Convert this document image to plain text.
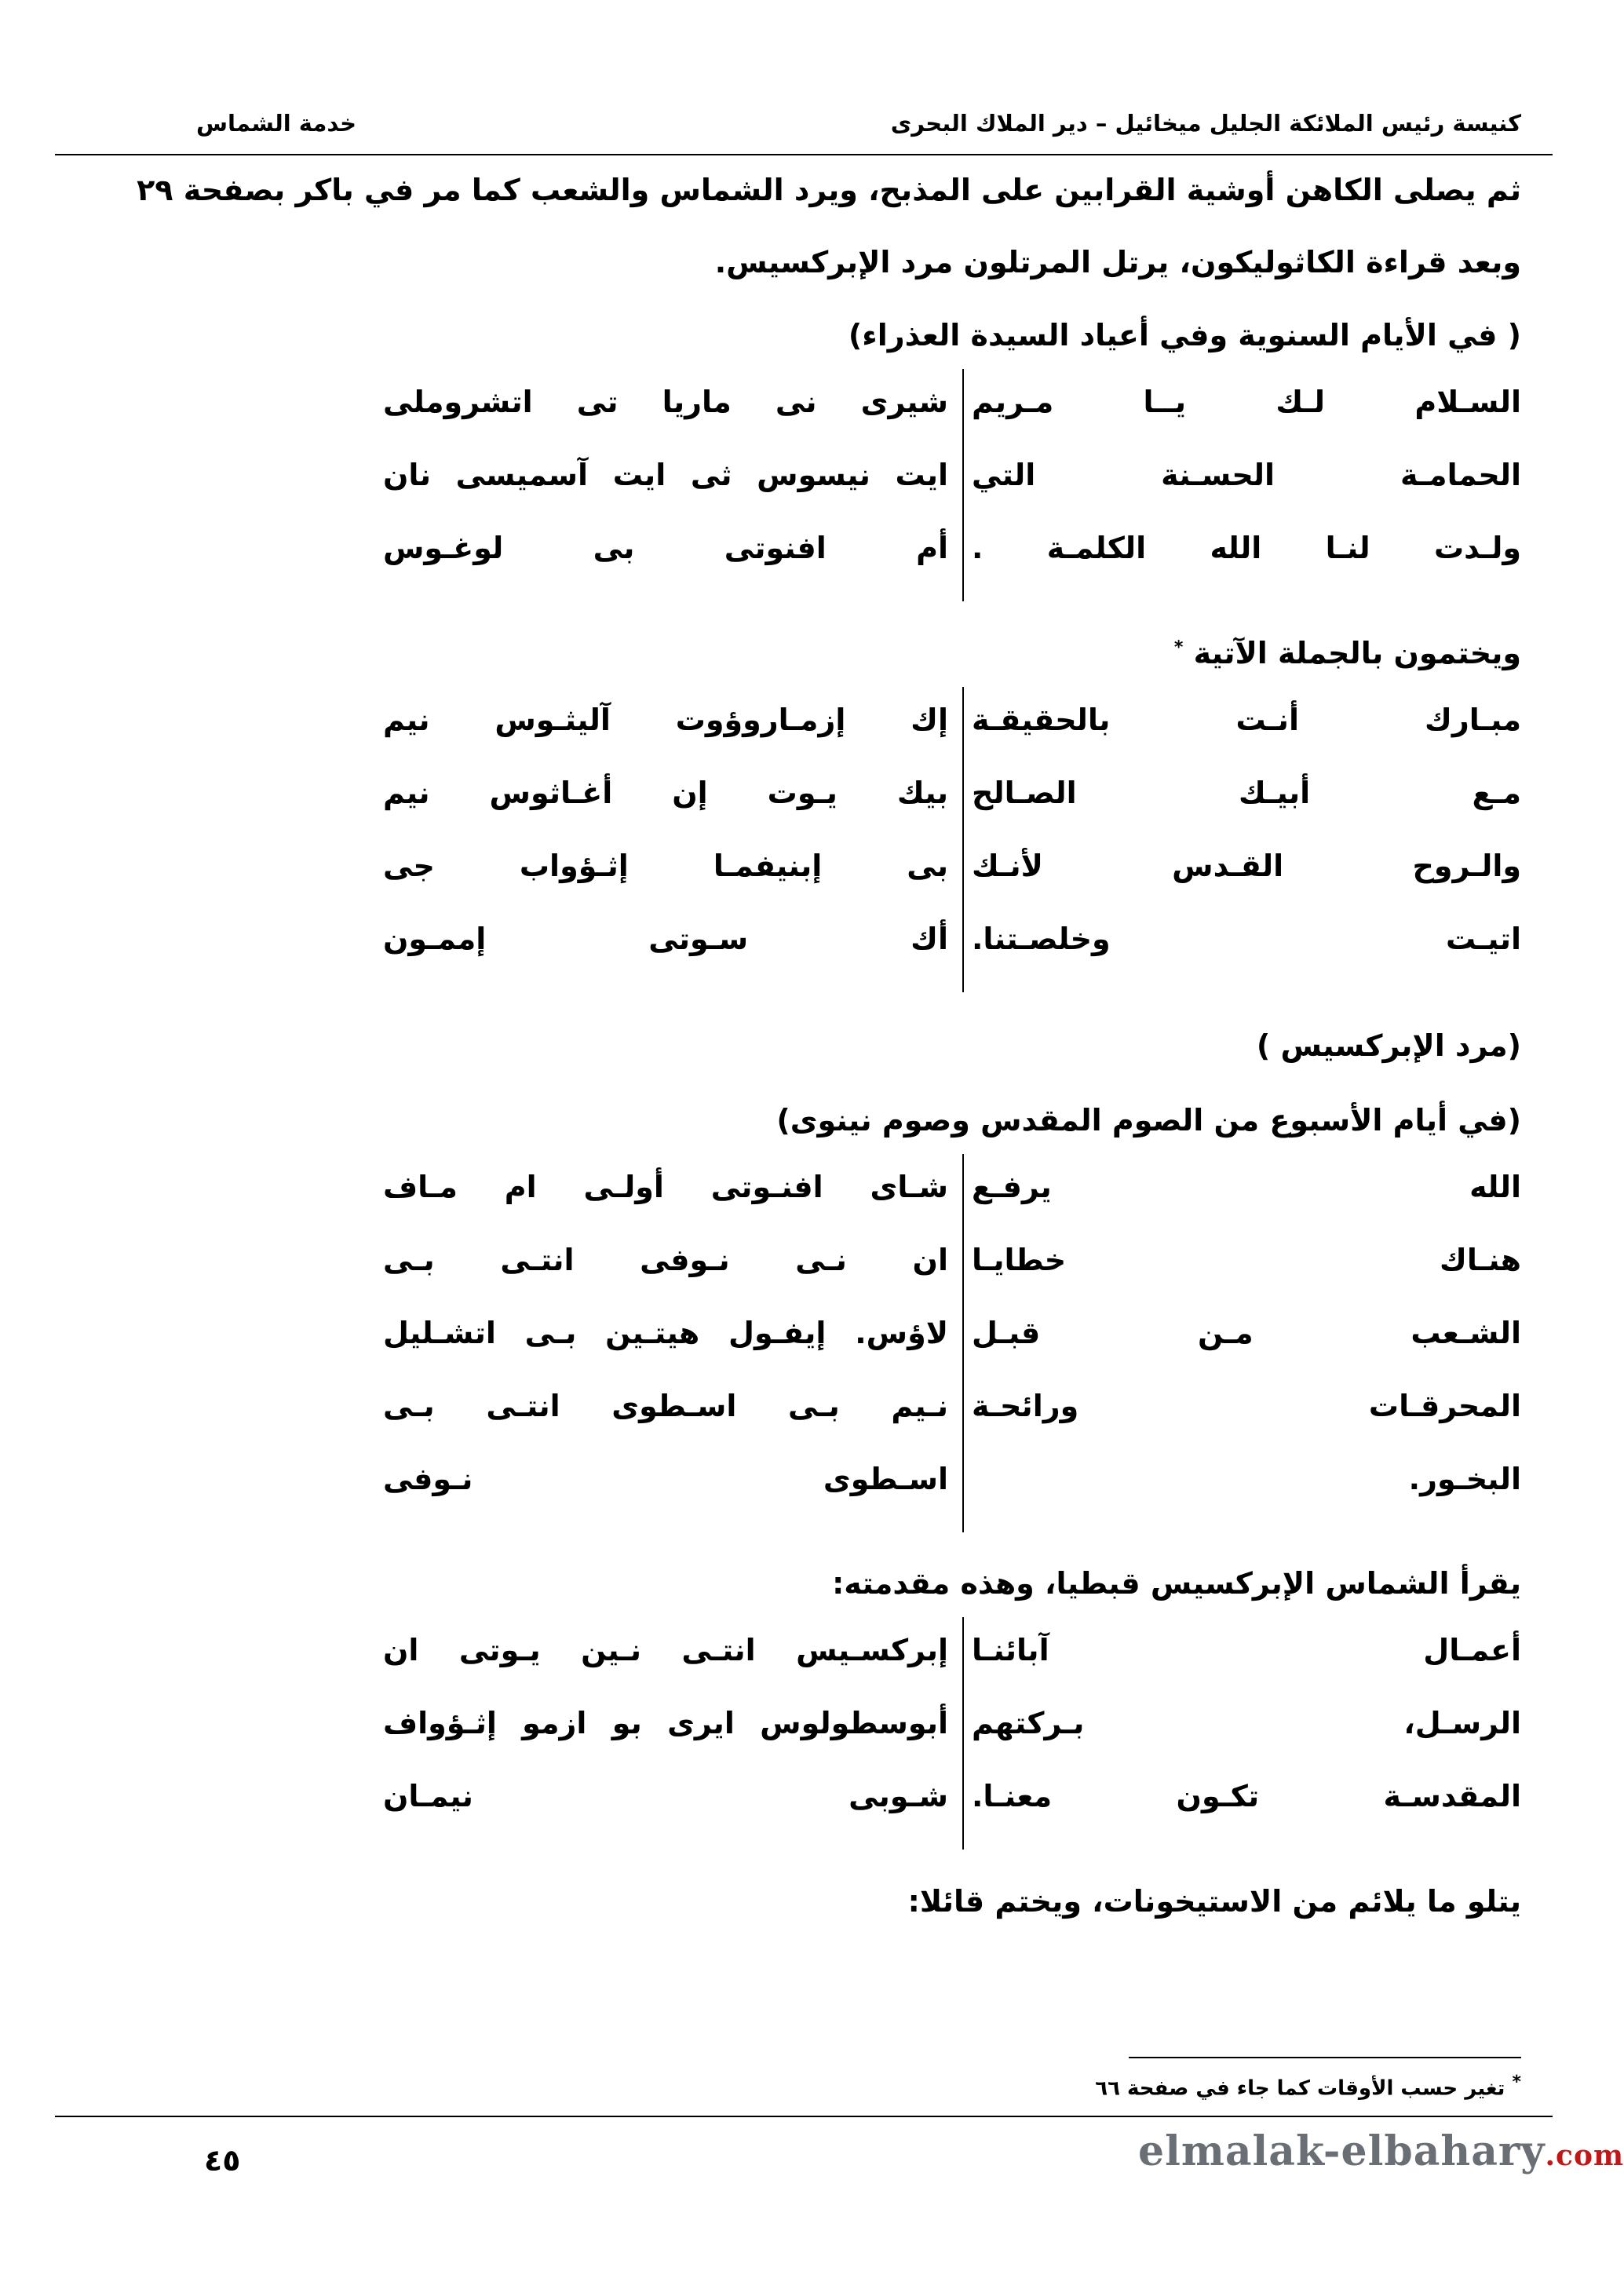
كنيسة رئيس الملائكة الجليل ميخائيل – دير الملاك البحرى
خدمة الشماس
ثم يصلى الكاهن أوشية القرابين على المذبح، ويرد الشماس والشعب كما مر في باكر بصفحة ٢٩
وبعد قراءة الكاثوليكون، يرتل المرتلون مرد الإبركسيس.
( في الأيام السنوية وفي أعياد السيدة العذراء)
السـلام لـك يــا مـريم
شيرى نى ماريا تى اتشروملى
الحمامـة الحسـنة التي
ايت نيسوس ثى ايت آسميسى نان
ولـدت لنـا الله الكلمـة .
أم افنوتى بى لوغـوس
ويختمون بالجملة الآتية *
مبـارك أنـت بالحقيقـة
إك إزمـاروؤوت آليثـوس نيم
مـع أبيـك الصـالح
بيك يـوت إن أغـاثوس نيم
والـروح القـدس لأنـك
بى إبنيفمـا إثـؤواب جى
اتيـت وخلصـتنا.
أك سـوتى إممـون
(مرد الإبركسيس )
(في أيام الأسبوع من الصوم المقدس وصوم نينوى)
الله يرفـع
شـاى افنـوتى أولـى ام مـاف
هنـاك خطايـا
ان نـى نـوفى انتـى بـى
الشـعب مـن قبـل
لاؤس. إيفـول هيتـين بـى اتشـليل
المحرقـات ورائحـة
نـيم بـى اسـطوى انتـى بـى
البخـور.
اسـطوى نـوفى
يقرأ الشماس الإبركسيس قبطيا، وهذه مقدمته:
أعمـال آبائنـا
إبركسـيس انتـى نـين يـوتى ان
الرسـل، بـركتهم
أبوسطولوس ايرى بو ازمو إثـؤواف
المقدسـة تكـون معنـا.
شـوبى نيمـان
يتلو ما يلائم من الاستيخونات، ويختم قائلا:
* تغير حسب الأوقات كما جاء في صفحة ٦٦
٤٥	elmalak-elbahary.com
